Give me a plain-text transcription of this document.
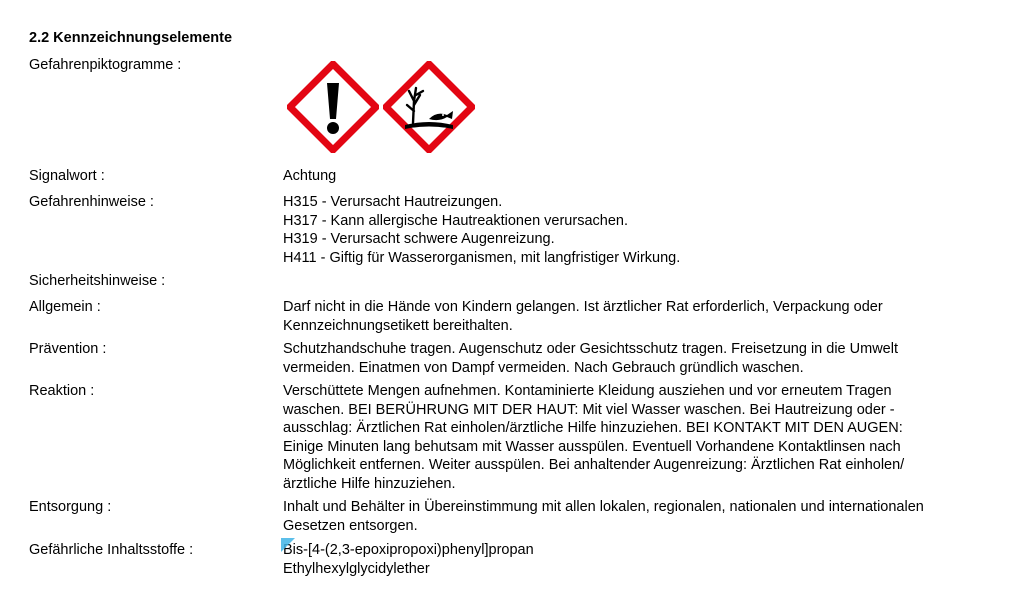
2.2 Kennzeichnungselemente
Gefahrenpiktogramme :
Signalwort :	Achtung
Gefahrenhinweise :	H315 - Verursacht Hautreizungen.
H317 - Kann allergische Hautreaktionen verursachen.
H319 - Verursacht schwere Augenreizung.
H411 - Giftig für Wasserorganismen, mit langfristiger Wirkung.
Sicherheitshinweise :
Allgemein :	Darf nicht in die Hände von Kindern gelangen. Ist ärztlicher Rat erforderlich, Verpackung oder
Kennzeichnungsetikett bereithalten.
Prävention :	Schutzhandschuhe tragen. Augenschutz oder Gesichtsschutz tragen. Freisetzung in die Umwelt
vermeiden. Einatmen von Dampf vermeiden. Nach Gebrauch gründlich waschen.
Reaktion :	Verschüttete Mengen aufnehmen. Kontaminierte Kleidung ausziehen und vor erneutem Tragen
waschen. BEI BERÜHRUNG MIT DER HAUT: Mit viel Wasser waschen. Bei Hautreizung oder -
ausschlag: Ärztlichen Rat einholen/ärztliche Hilfe hinzuziehen. BEI KONTAKT MIT DEN AUGEN:
Einige Minuten lang behutsam mit Wasser ausspülen. Eventuell Vorhandene Kontaktlinsen nach
Möglichkeit entfernen. Weiter ausspülen. Bei anhaltender Augenreizung: Ärztlichen Rat einholen/
ärztliche Hilfe hinzuziehen.
Entsorgung :	Inhalt und Behälter in Übereinstimmung mit allen lokalen, regionalen, nationalen und internationalen
Gesetzen entsorgen.
Gefährliche Inhaltsstoffe :	Bis-[4-(2,3-epoxipropoxi)phenyl]propan
Ethylhexylglycidylether
